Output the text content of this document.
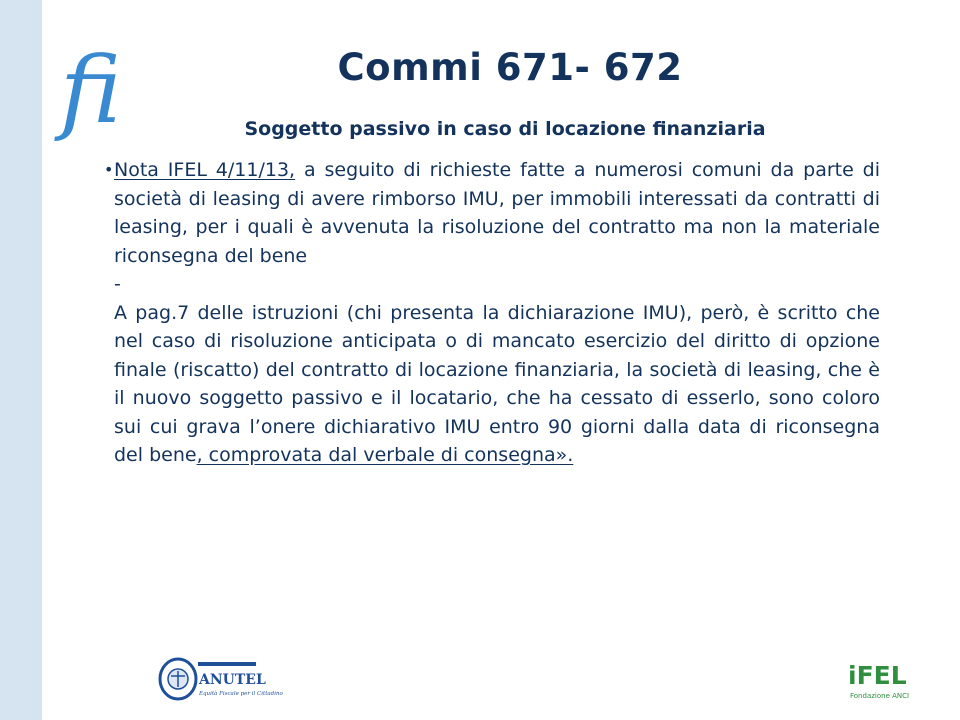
fi	Commi 671- 672
Soggetto passivo in caso di locazione finanziaria
• Nota IFEL 4/11/13, a seguito di richieste fatte a numerosi comuni da parte di società di leasing di avere rimborso IMU, per immobili interessati da contratti di leasing, per i quali è avvenuta la risoluzione del contratto ma non la materiale riconsegna del bene

-

A pag.7 delle istruzioni (chi presenta la dichiarazione IMU), però, è scritto che nel caso di risoluzione anticipata o di mancato esercizio del diritto di opzione finale (riscatto) del contratto di locazione finanziaria, la società di leasing, che è il nuovo soggetto passivo e il locatario, che ha cessato di esserlo, sono coloro sui cui grava l’onere dichiarativo IMU entro 90 giorni dalla data di riconsegna del bene, comprovata dal verbale di consegna».

ANUTEL
Equità Fiscale per il Cittadino
iFEL
Fondazione ANCI
